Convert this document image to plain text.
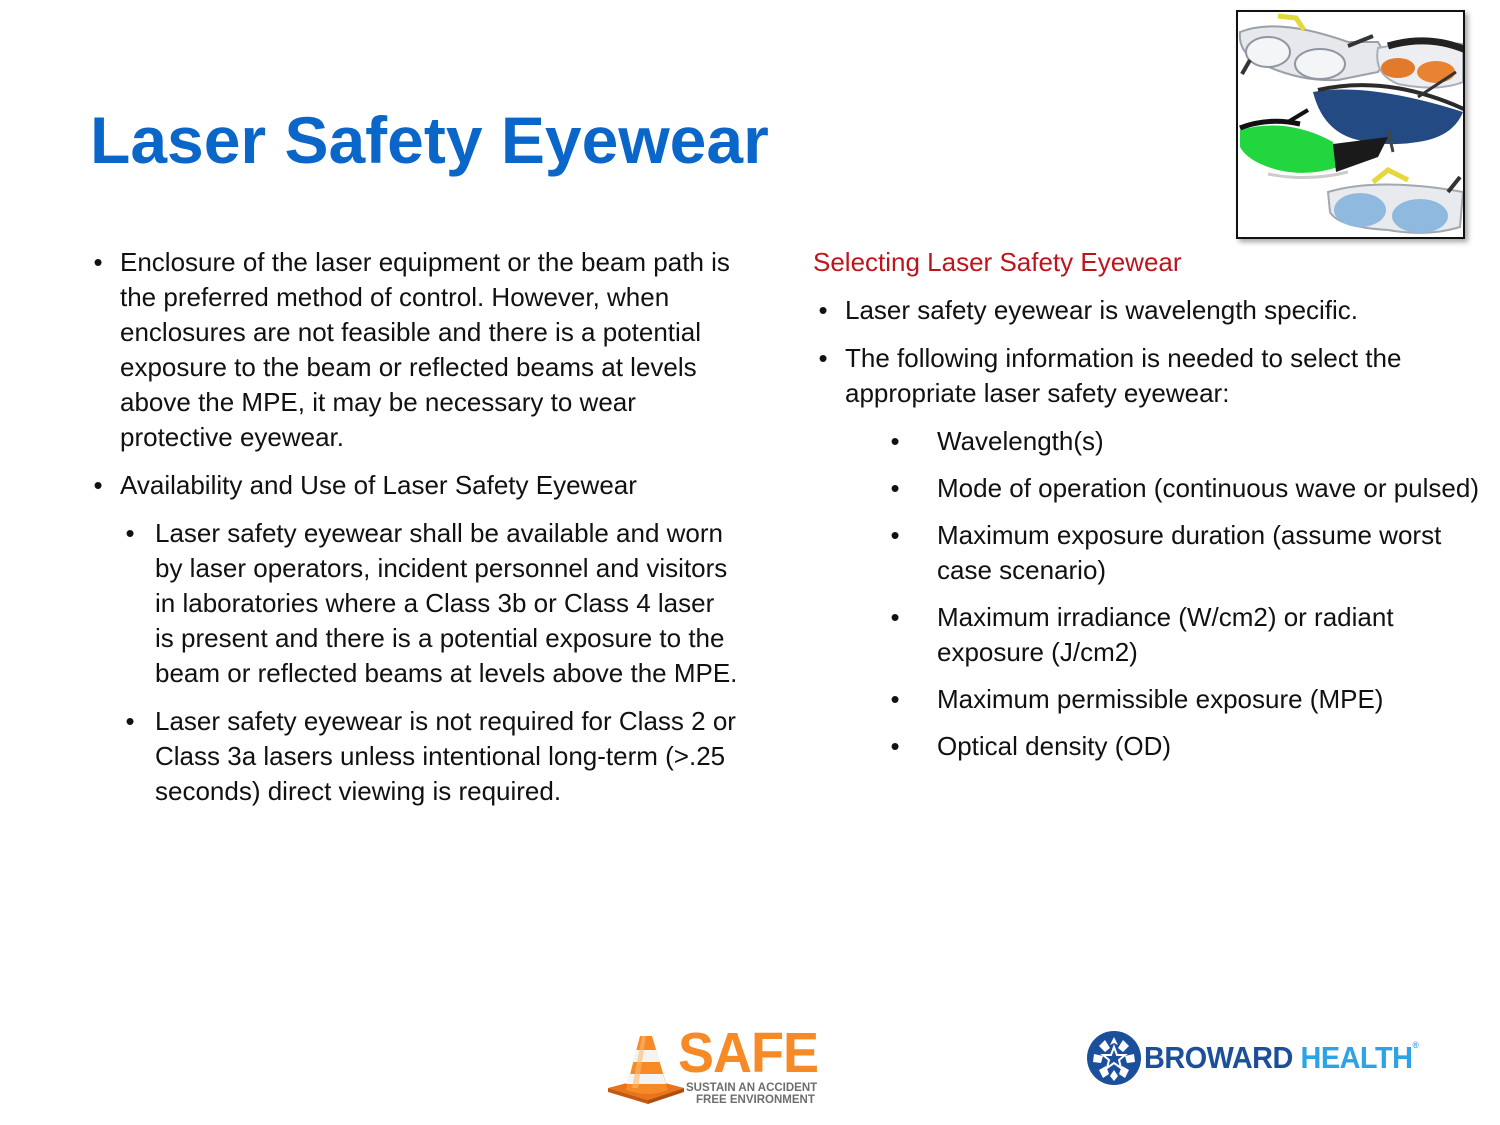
Laser Safety Eyewear
• Enclosure of the laser equipment or the beam path is the preferred method of control. However, when enclosures are not feasible and there is a potential exposure to the beam or reflected beams at levels above the MPE, it may be necessary to wear protective eyewear.
• Availability and Use of Laser Safety Eyewear
• Laser safety eyewear shall be available and worn by laser operators, incident personnel and visitors in laboratories where a Class 3b or Class 4 laser is present and there is a potential exposure to the beam or reflected beams at levels above the MPE.
• Laser safety eyewear is not required for Class 2 or Class 3a lasers unless intentional long-term (>.25 seconds) direct viewing is required.
Selecting Laser Safety Eyewear
• Laser safety eyewear is wavelength specific.
• The following information is needed to select the appropriate laser safety eyewear:
• Wavelength(s)
• Mode of operation (continuous wave or pulsed)
• Maximum exposure duration (assume worst case scenario)
• Maximum irradiance (W/cm2) or radiant exposure (J/cm2)
• Maximum permissible exposure (MPE)
• Optical density (OD)
SAFE
SUSTAIN AN ACCIDENT
FREE ENVIRONMENT
BROWARD HEALTH®
